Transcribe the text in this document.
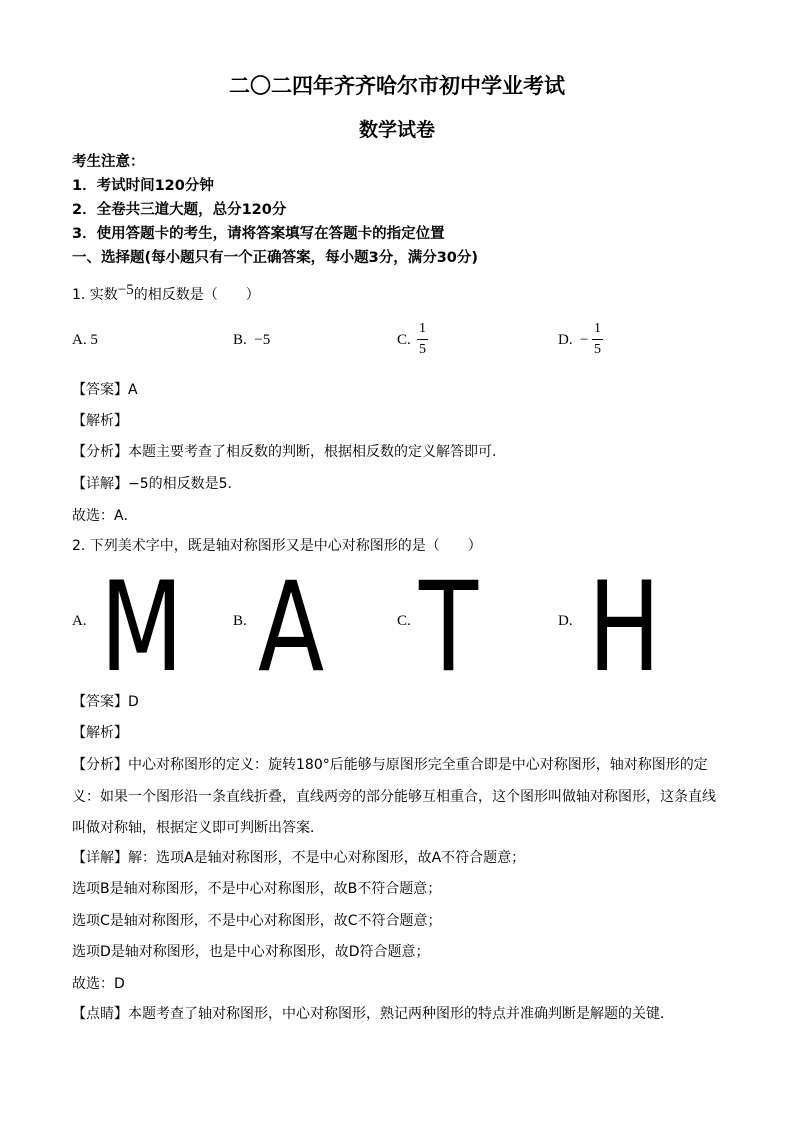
二〇二四年齐齐哈尔市初中学业考试
数学试卷
考生注意：
1．考试时间120分钟
2．全卷共三道大题，总分120分
3．使用答题卡的考生，请将答案填写在答题卡的指定位置
一、选择题(每小题只有一个正确答案，每小题3分，满分30分)
1. 实数−5的相反数是（　　）
A. 5	B. −5	C.
1
5
D. −
1
5
【答案】A
【解析】
【分析】本题主要考查了相反数的判断，根据相反数的定义解答即可．
【详解】−5的相反数是5．
故选：A．
2. 下列美术字中，既是轴对称图形又是中心对称图形的是（　　）
A. M	B. A	C. T	D. H
【答案】D
【解析】
【分析】中心对称图形的定义：旋转180°后能够与原图形完全重合即是中心对称图形，轴对称图形的定
义：如果一个图形沿一条直线折叠，直线两旁的部分能够互相重合，这个图形叫做轴对称图形，这条直线
叫做对称轴，根据定义即可判断出答案．
【详解】解：选项A是轴对称图形，不是中心对称图形，故A不符合题意；
选项B是轴对称图形，不是中心对称图形，故B不符合题意；
选项C是轴对称图形，不是中心对称图形，故C不符合题意；
选项D是轴对称图形，也是中心对称图形，故D符合题意；
故选：D
【点睛】本题考查了轴对称图形，中心对称图形，熟记两种图形的特点并准确判断是解题的关键．
